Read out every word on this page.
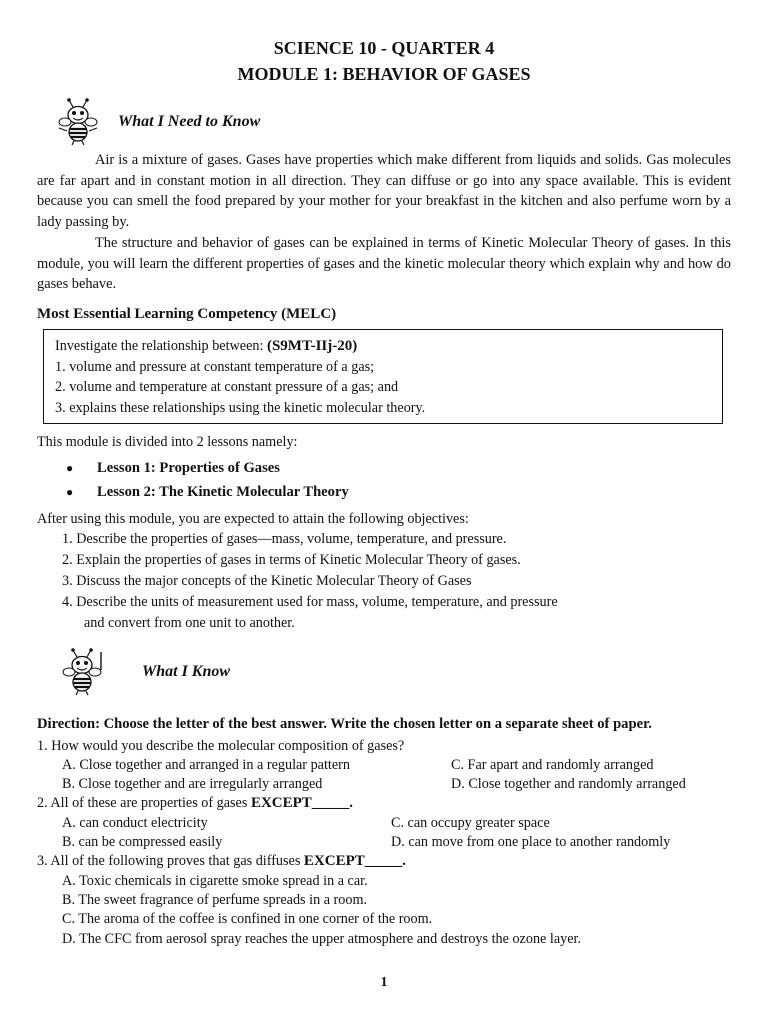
SCIENCE 10 - QUARTER 4
MODULE 1: BEHAVIOR OF GASES
What I Need to Know
Air is a mixture of gases. Gases have properties which make different from liquids and solids. Gas molecules are far apart and in constant motion in all direction. They can diffuse or go into any space available. This is evident because you can smell the food prepared by your mother for your breakfast in the kitchen and also perfume worn by a lady passing by.
The structure and behavior of gases can be explained in terms of Kinetic Molecular Theory of gases. In this module, you will learn the different properties of gases and the kinetic molecular theory which explain why and how do gases behave.
Most Essential Learning Competency (MELC)
Investigate the relationship between: (S9MT-IIj-20)
1. volume and pressure at constant temperature of a gas;
2. volume and temperature at constant pressure of a gas; and
3. explains these relationships using the kinetic molecular theory.
This module is divided into 2 lessons namely:
● Lesson 1: Properties of Gases
● Lesson 2: The Kinetic Molecular Theory
After using this module, you are expected to attain the following objectives:
1. Describe the properties of gases—mass, volume, temperature, and pressure.
2. Explain the properties of gases in terms of Kinetic Molecular Theory of gases.
3. Discuss the major concepts of the Kinetic Molecular Theory of Gases
4. Describe the units of measurement used for mass, volume, temperature, and pressure
and convert from one unit to another.
What I Know
Direction: Choose the letter of the best answer. Write the chosen letter on a separate sheet of paper.
1. How would you describe the molecular composition of gases?
A. Close together and arranged in a regular pattern	C. Far apart and randomly arranged
B. Close together and are irregularly arranged	D. Close together and randomly arranged
2. All of these are properties of gases EXCEPT_____.
A. can conduct electricity	C. can occupy greater space
B. can be compressed easily	D. can move from one place to another randomly
3. All of the following proves that gas diffuses EXCEPT_____.
A. Toxic chemicals in cigarette smoke spread in a car.
B. The sweet fragrance of perfume spreads in a room.
C. The aroma of the coffee is confined in one corner of the room.
D. The CFC from aerosol spray reaches the upper atmosphere and destroys the ozone layer.
1
